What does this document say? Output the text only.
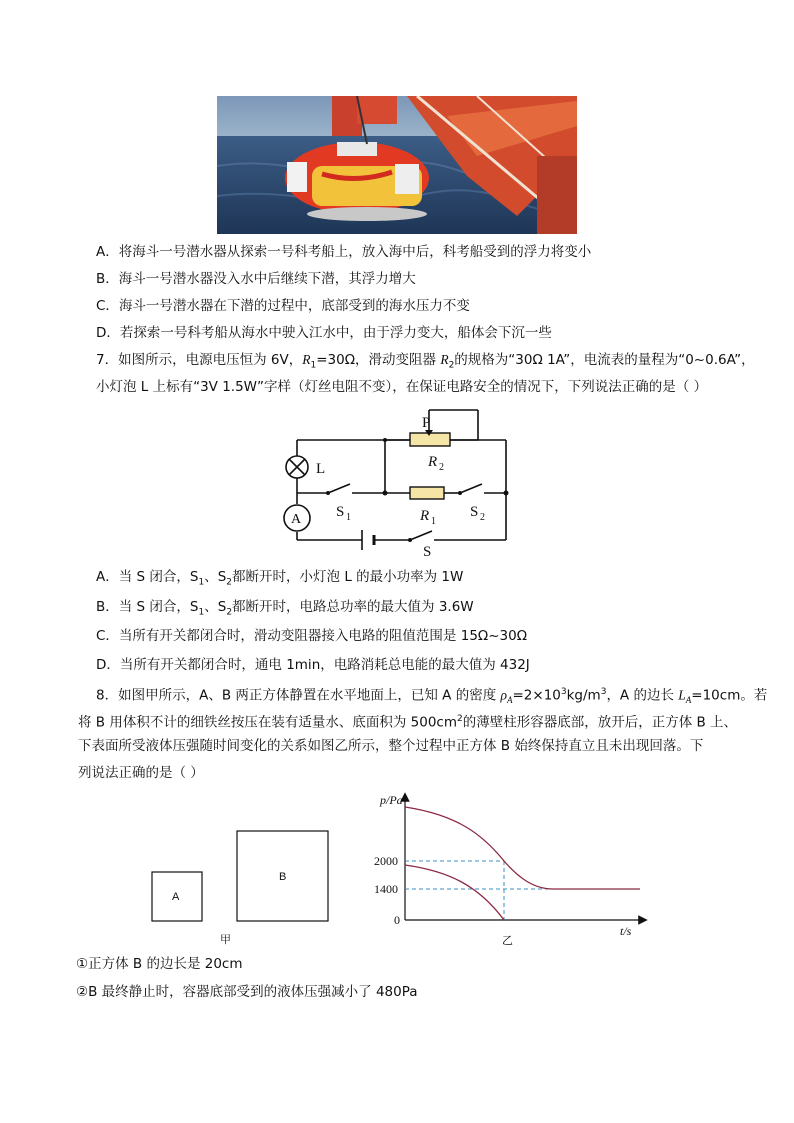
A．将海斗一号潜水器从探索一号科考船上，放入海中后，科考船受到的浮力将变小
B．海斗一号潜水器没入水中后继续下潜，其浮力增大
C．海斗一号潜水器在下潜的过程中，底部受到的海水压力不变
D．若探索一号科考船从海水中驶入江水中，由于浮力变大，船体会下沉一些
7．如图所示，电源电压恒为 6V，$R_1=30\Omega$，滑动变阻器 $R_2$的规格为“30Ω 1A”，电流表的量程为“0~0.6A”，
小灯泡 L 上标有“3V 1.5W”字样（灯丝电阻不变），在保证电路安全的情况下，下列说法正确的是（ ）
P
R 2
L
A S 1	R 1
S 2
S
A．当 S 闭合，$S_1$、$S_2$都断开时，小灯泡 L 的最小功率为 1W
B．当 S 闭合，$S_1$、$S_2$都断开时，电路总功率的最大值为 3.6W
C．当所有开关都闭合时，滑动变阻器接入电路的阻值范围是 15Ω~30Ω
D．当所有开关都闭合时，通电 1min，电路消耗总电能的最大值为 432J
8．如图甲所示，A、B 两正方体静置在水平地面上，已知 A 的密度 $\rho_A=2\times 10^3kg/m^3$，A 的边长 $L_A=10cm$。若
将 B 用体积不计的细铁丝按压在装有适量水、底面积为 $500cm^2$的薄壁柱形容器底部，放开后，正方体 B 上、
下表面所受液体压强随时间变化的关系如图乙所示，整个过程中正方体 B 始终保持直立且未出现回落。下
列说法正确的是（ ）
A
B
甲
p/Pa
t/s
2000
1400
0
乙
①正方体 B 的边长是 20cm
②B 最终静止时，容器底部受到的液体压强减小了 480Pa
